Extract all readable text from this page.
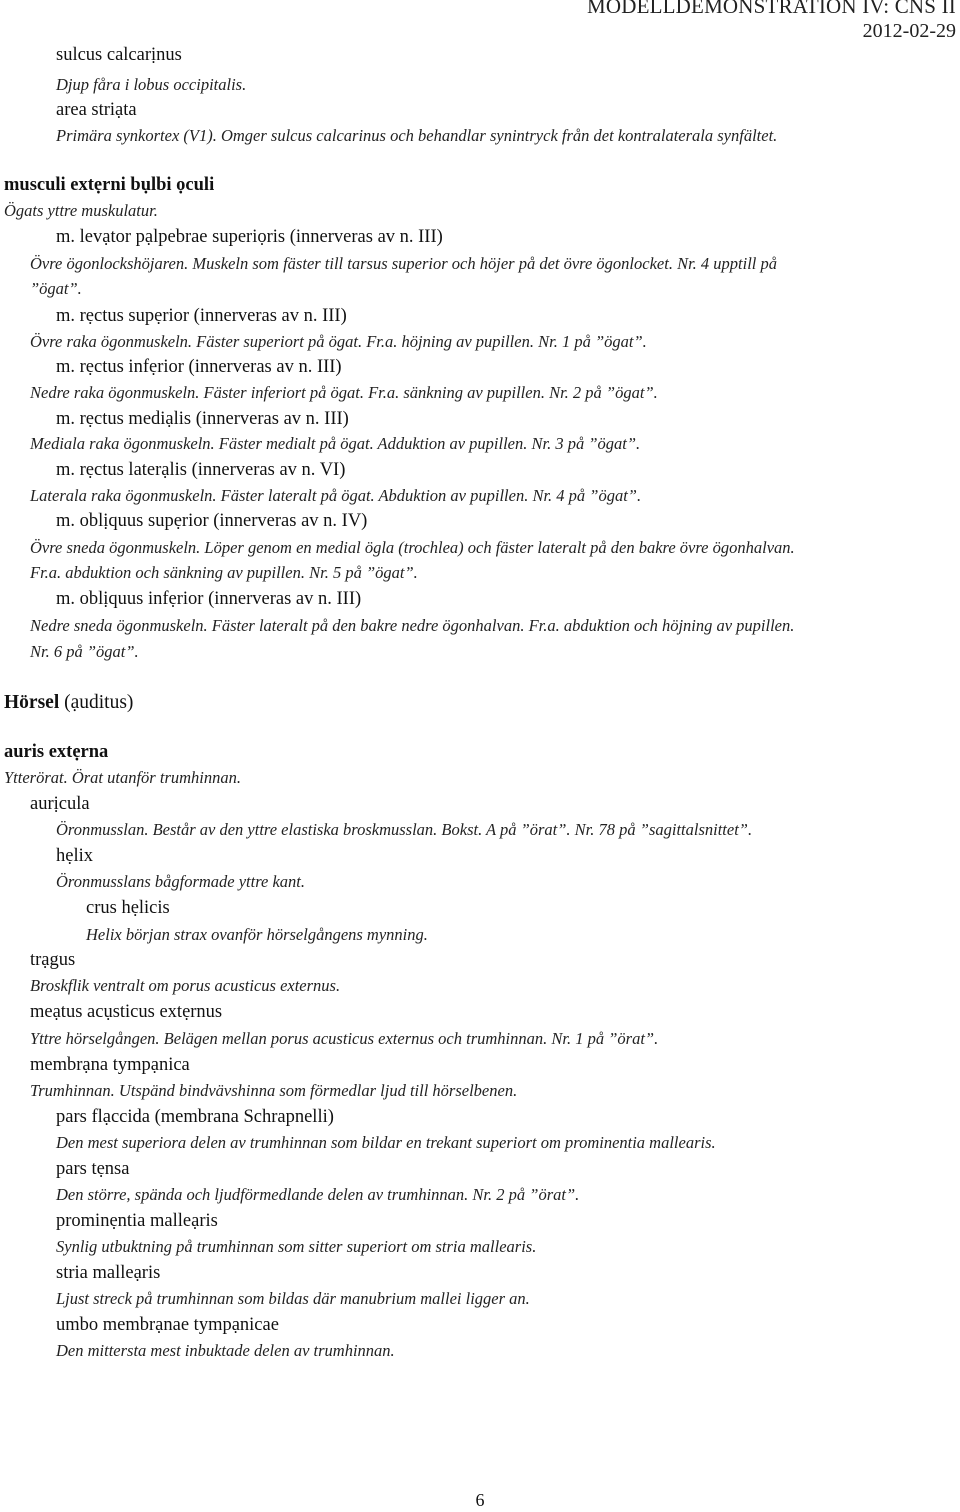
MODELLDEMONSTRATION IV: CNS II
2012-02-29
sulcus calcarịnus
Djup fåra i lobus occipitalis.
area striạta
Primära synkortex (V1). Omger sulcus calcarinus och behandlar synintryck från det kontralaterala synfältet.
musculi extẹrni bụlbi ọculi
Ögats yttre muskulatur.
m. levạtor pạlpebrae superiọris (innerveras av n. III)
Övre ögonlockshöjaren. Muskeln som fäster till tarsus superior och höjer på det övre ögonlocket. Nr. 4 upptill på
”ögat”.
m. rẹctus supẹrior (innerveras av n. III)
Övre raka ögonmuskeln. Fäster superiort på ögat. Fr.a. höjning av pupillen. Nr. 1 på ”ögat”.
m. rẹctus infẹrior (innerveras av n. III)
Nedre raka ögonmuskeln. Fäster inferiort på ögat. Fr.a. sänkning av pupillen. Nr. 2 på ”ögat”.
m. rẹctus mediạlis (innerveras av n. III)
Mediala raka ögonmuskeln. Fäster medialt på ögat. Adduktion av pupillen. Nr. 3 på ”ögat”.
m. rẹctus laterạlis (innerveras av n. VI)
Laterala raka ögonmuskeln. Fäster lateralt på ögat. Abduktion av pupillen. Nr. 4 på ”ögat”.
m. oblịquus supẹrior (innerveras av n. IV)
Övre sneda ögonmuskeln. Löper genom en medial ögla (trochlea) och fäster lateralt på den bakre övre ögonhalvan.
Fr.a. abduktion och sänkning av pupillen. Nr. 5 på ”ögat”.
m. oblịquus infẹrior (innerveras av n. III)
Nedre sneda ögonmuskeln. Fäster lateralt på den bakre nedre ögonhalvan. Fr.a. abduktion och höjning av pupillen.
Nr. 6 på ”ögat”.
auris extẹrna
Ytterörat. Örat utanför trumhinnan.
aurịcula
Öronmusslan. Består av den yttre elastiska broskmusslan. Bokst. A på ”örat”. Nr. 78 på ”sagittalsnittet”.
hẹlix
Öronmusslans bågformade yttre kant.
crus hẹlicis
Helix början strax ovanför hörselgångens mynning.
trạgus
Broskflik ventralt om porus acusticus externus.
meạtus acụsticus extẹrnus
Yttre hörselgången. Belägen mellan porus acusticus externus och trumhinnan. Nr. 1 på ”örat”.
membrạna tympạnica
Trumhinnan. Utspänd bindvävshinna som förmedlar ljud till hörselbenen.
pars flạccida (membrana Schrapnelli)
Den mest superiora delen av trumhinnan som bildar en trekant superiort om prominentia mallearis.
pars tẹnsa
Den större, spända och ljudförmedlande delen av trumhinnan. Nr. 2 på ”örat”.
prominẹntia malleạris
Synlig utbuktning på trumhinnan som sitter superiort om stria mallearis.
stria malleạris
Ljust streck på trumhinnan som bildas där manubrium mallei ligger an.
umbo membrạnae tympạnicae
Den mittersta mest inbuktade delen av trumhinnan.
Hörsel (ạuditus)
6
